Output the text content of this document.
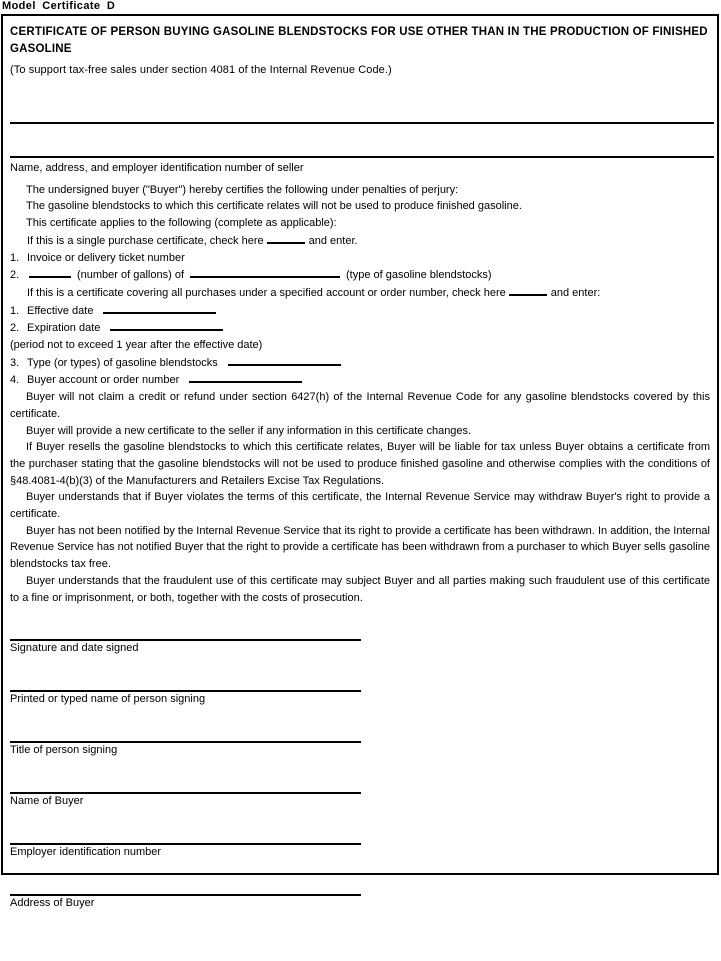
Model Certificate D
CERTIFICATE OF PERSON BUYING GASOLINE BLENDSTOCKS FOR USE OTHER THAN IN THE PRODUCTION OF FINISHED GASOLINE
(To support tax-free sales under section 4081 of the Internal Revenue Code.)
Name, address, and employer identification number of seller
The undersigned buyer ("Buyer") hereby certifies the following under penalties of perjury:
The gasoline blendstocks to which this certificate relates will not be used to produce finished gasoline.
This certificate applies to the following (complete as applicable):
If this is a single purchase certificate, check here	and enter.
1. Invoice or delivery ticket number
2.	(number of gallons) of	(type of gasoline blendstocks)
If this is a certificate covering all purchases under a specified account or order number, check here	and enter:
1. Effective date
2. Expiration date
(period not to exceed 1 year after the effective date)
3. Type (or types) of gasoline blendstocks
4. Buyer account or order number
Buyer will not claim a credit or refund under section 6427(h) of the Internal Revenue Code for any gasoline blendstocks covered by this certificate.
Buyer will provide a new certificate to the seller if any information in this certificate changes.
If Buyer resells the gasoline blendstocks to which this certificate relates, Buyer will be liable for tax unless Buyer obtains a certificate from the purchaser stating that the gasoline blendstocks will not be used to produce finished gasoline and otherwise complies with the conditions of §48.4081-4(b)(3) of the Manufacturers and Retailers Excise Tax Regulations.
Buyer understands that if Buyer violates the terms of this certificate, the Internal Revenue Service may withdraw Buyer's right to provide a certificate.
Buyer has not been notified by the Internal Revenue Service that its right to provide a certificate has been withdrawn. In addition, the Internal Revenue Service has not notified Buyer that the right to provide a certificate has been withdrawn from a purchaser to which Buyer sells gasoline blendstocks tax free.
Buyer understands that the fraudulent use of this certificate may subject Buyer and all parties making such fraudulent use of this certificate to a fine or imprisonment, or both, together with the costs of prosecution.
Signature and date signed
Printed or typed name of person signing
Title of person signing
Name of Buyer
Employer identification number
Address of Buyer
